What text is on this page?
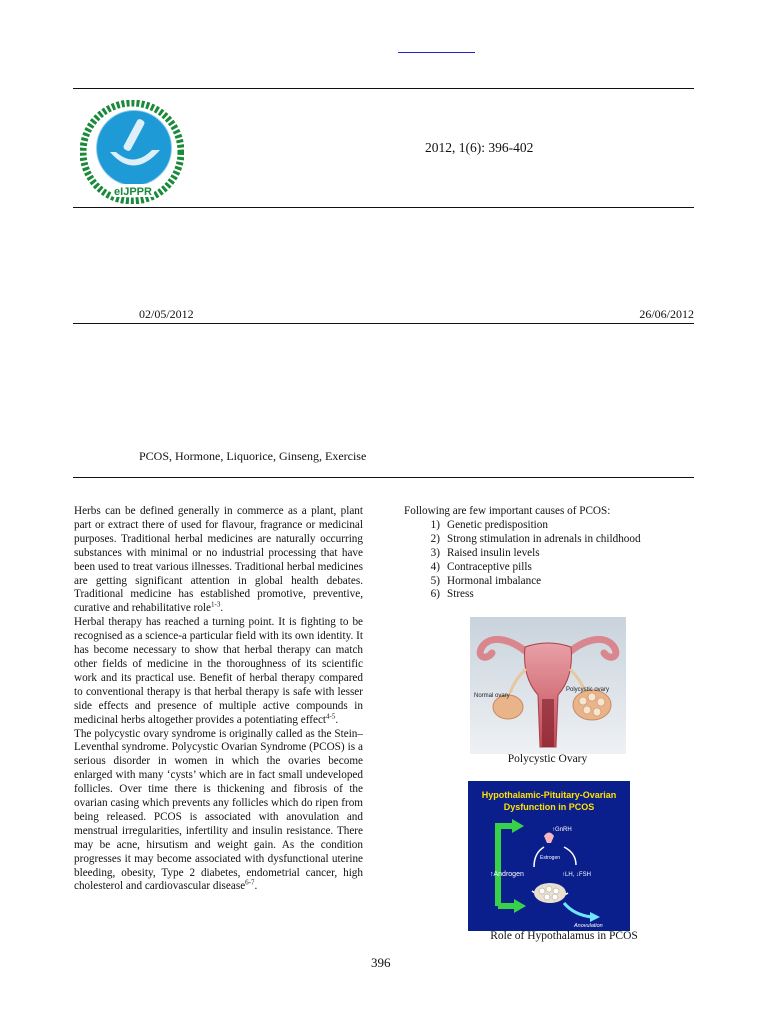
eIJPPR
2012, 1(6): 396-402
02/05/2012	26/06/2012
PCOS, Hormone, Liquorice, Ginseng, Exercise

Herbs can be defined generally in commerce as a plant, plant part or extract there of used for flavour, fragrance or medicinal purposes. Traditional herbal medicines are naturally occurring substances with minimal or no industrial processing that have been used to treat various illnesses. Traditional herbal medicines are getting significant attention in global health debates. Traditional medicine has established promotive, preventive, curative and rehabilitative role$^{1-3}$.

Herbal therapy has reached a turning point. It is fighting to be recognised as a science-a particular field with its own identity. It has become necessary to show that herbal therapy can match other fields of medicine in the thoroughness of its scientific work and its practical use. Benefit of herbal therapy compared to conventional therapy is that herbal therapy is safe with lesser side effects and presence of multiple active compounds in medicinal herbs altogether provides a potentiating effect$^{4-5}$.

The polycystic ovary syndrome is originally called as the Stein–Leventhal syndrome. Polycystic Ovarian Syndrome (PCOS) is a serious disorder in women in which the ovaries become enlarged with many ‘cysts’ which are in fact small undeveloped follicles. Over time there is thickening and fibrosis of the ovarian casing which prevents any follicles which do ripen from being released. PCOS is associated with anovulation and menstrual irregularities, infertility and insulin resistance. There may be acne, hirsutism and weight gain. As the condition progresses it may become associated with dysfunctional uterine bleeding, obesity, Type 2 diabetes, endometrial cancer, high cholesterol and cardiovascular disease$^{6-7}$.

Following are few important causes of PCOS:
1) Genetic predisposition
2) Strong stimulation in adrenals in childhood
3) Raised insulin levels
4) Contraceptive pills
5) Hormonal imbalance
6) Stress
Normal ovary
Polycystic ovary
Polycystic Ovary
Hypothalamic-Pituitary-Ovarian
Dysfunction in PCOS
↑GnRH
Estrogen
↑Androgen	↑LH, ↓FSH
Anovulation
Role of Hypothalamus in PCOS
396
